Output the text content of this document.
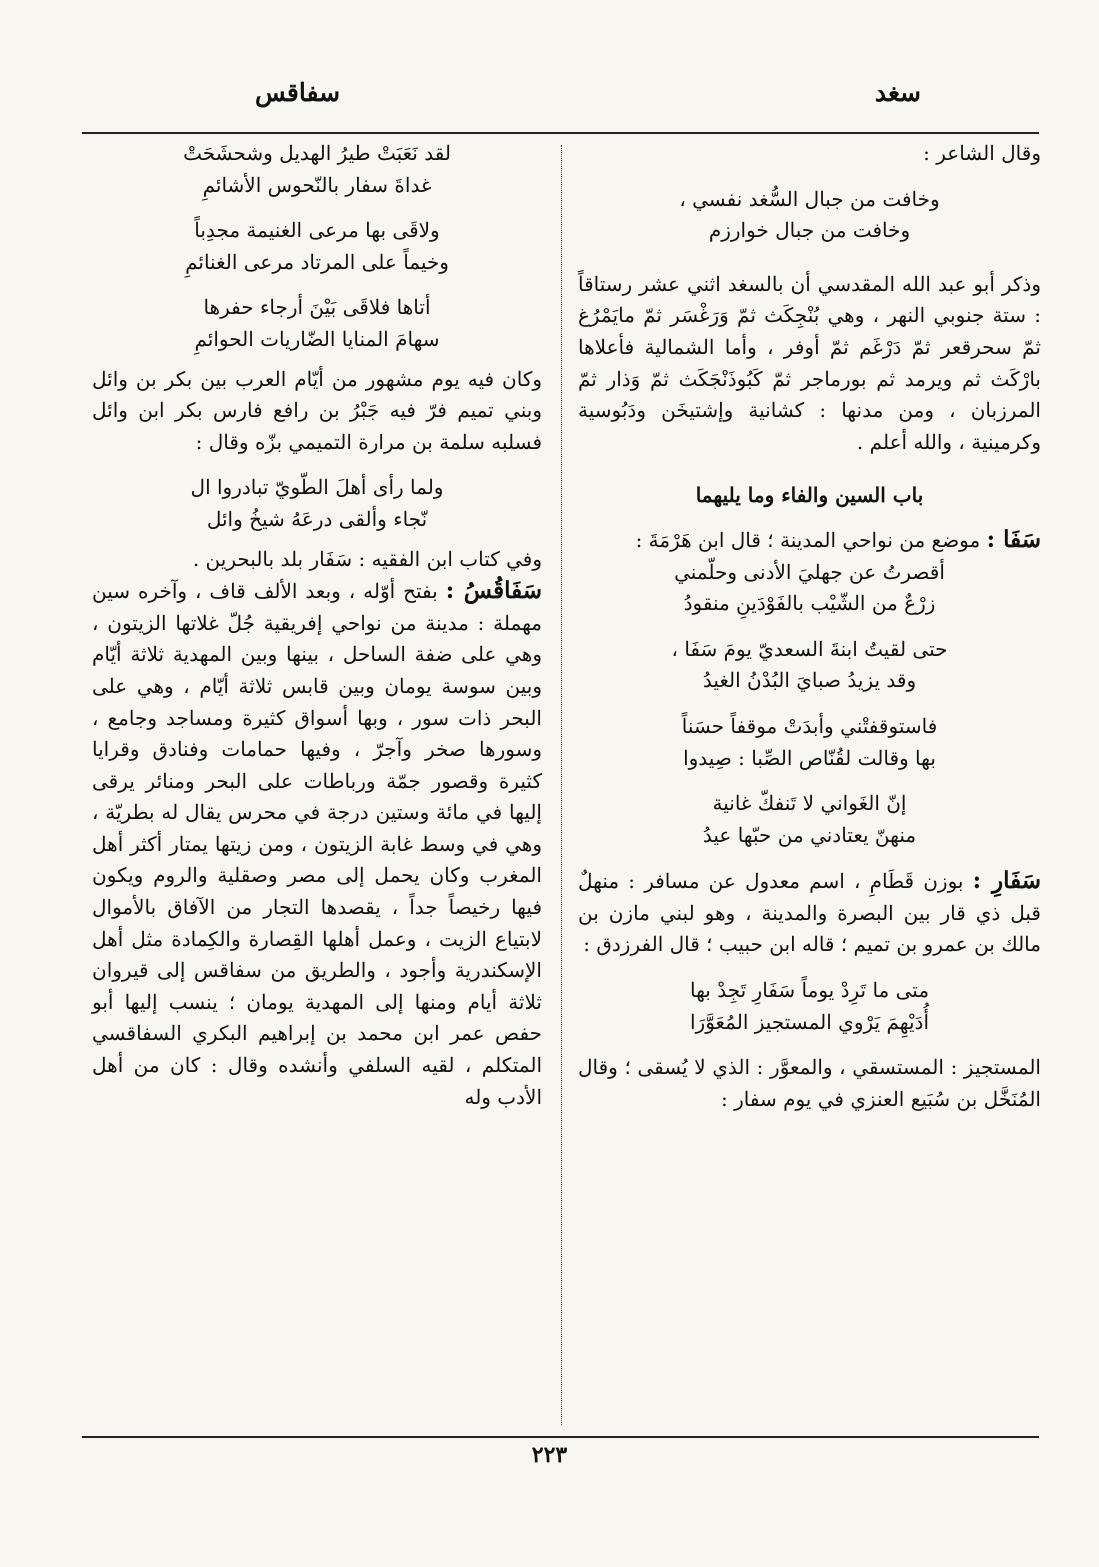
سغد
سفاقس

وقال الشاعر :

وخافت من جبال السُّغد نفسي ،

وخافت من جبال خوارزم

وذكر أبو عبد الله المقدسي أن بالسغد اثني عشر رستاقاً : ستة جنوبي النهر ، وهي بُنْجِكَث ثمّ وَرَغْسَر ثمّ مايَمْرُغ ثمّ سحرقعر ثمّ دَرْغَم ثمّ أوفر ، وأما الشمالية فأعلاها بارْكَث ثم ويرمد ثم بورماجر ثمّ كَبُوذَنْجَكَث ثمّ وَذار ثمّ المرزبان ، ومن مدنها : كشانية وإشتيخَن ودَبُوسية وكرمينية ، والله أعلم .

باب السين والفاء وما يليهما

سَفَا : موضع من نواحي المدينة ؛ قال ابن هَرْمَةَ :

أقصرتُ عن جهليَ الأدنى وحلّمني

زرْعٌ من الشّيْب بالفَوْدَينِ منقودُ

حتى لقيتُ ابنةَ السعديّ يومَ سَفَا ،

وقد يزيدُ صبايَ البُدْنُ الغيدُ

فاستوقفتْني وأبدَتْ موقفاً حسَناً

بها وقالت لقُنّاص الصِّبا : صِيدوا

إنّ الغَواني لا تَنفكّ غانية

منهنّ يعتادني من حبّها عيدُ

سَفَارِ : بوزن قَطَامِ ، اسم معدول عن مسافر : منهلٌ قبل ذي قار بين البصرة والمدينة ، وهو لبني مازن بن مالك بن عمرو بن تميم ؛ قاله ابن حبيب ؛ قال الفرزدق :

متى ما تَرِدْ يوماً سَفَارِ تَجِدْ بها

أُدَيْهِمَ يَرْوي المستجيز المُعَوَّرَا

المستجيز : المستسقي ، والمعوَّر : الذي لا يُسقى ؛ وقال المُنَخَّل بن سُبَيع العنزي في يوم سفار :

لقد نَعَبَتْ طيرُ الهديل وشحشَحَتْ

غداةَ سفار بالنّحوس الأشائمِ

ولاقَى بها مرعى الغنيمة مجدِباً

وخيماً على المرتاد مرعى الغنائمِ

أتاها فلاقَى بَيْنَ أرجاء حفرها

سهامَ المنايا الضّاريات الحوائمِ

وكان فيه يوم مشهور من أيّام العرب بين بكر بن وائل وبني تميم فرّ فيه جَبْرُ بن رافع فارس بكر ابن وائل فسلبه سلمة بن مرارة التميمي بزّه وقال :

ولما رأى أهلَ الطّويّ تبادروا ال

نّجاء وألقى درعَهُ شيخُ وائل

وفي كتاب ابن الفقيه : سَفَار بلد بالبحرين .

سَفَاقُسُ : بفتح أوّله ، وبعد الألف قاف ، وآخره سين مهملة : مدينة من نواحي إفريقية جُلّ غلاتها الزيتون ، وهي على ضفة الساحل ، بينها وبين المهدية ثلاثة أيّام وبين سوسة يومان وبين قابس ثلاثة أيّام ، وهي على البحر ذات سور ، وبها أسواق كثيرة ومساجد وجامع ، وسورها صخر وآجرّ ، وفيها حمامات وفنادق وقرايا كثيرة وقصور جمّة ورباطات على البحر ومنائر يرقى إليها في مائة وستين درجة في محرس يقال له بطريّة ، وهي في وسط غابة الزيتون ، ومن زيتها يمتار أكثر أهل المغرب وكان يحمل إلى مصر وصقلية والروم ويكون فيها رخيصاً جداً ، يقصدها التجار من الآفاق بالأموال لابتياع الزيت ، وعمل أهلها القِصارة والكِمادة مثل أهل الإسكندرية وأجود ، والطريق من سفاقس إلى قيروان ثلاثة أيام ومنها إلى المهدية يومان ؛ ينسب إليها أبو حفص عمر ابن محمد بن إبراهيم البكري السفاقسي المتكلم ، لقيه السلفي وأنشده وقال : كان من أهل الأدب وله

٢٢٣
